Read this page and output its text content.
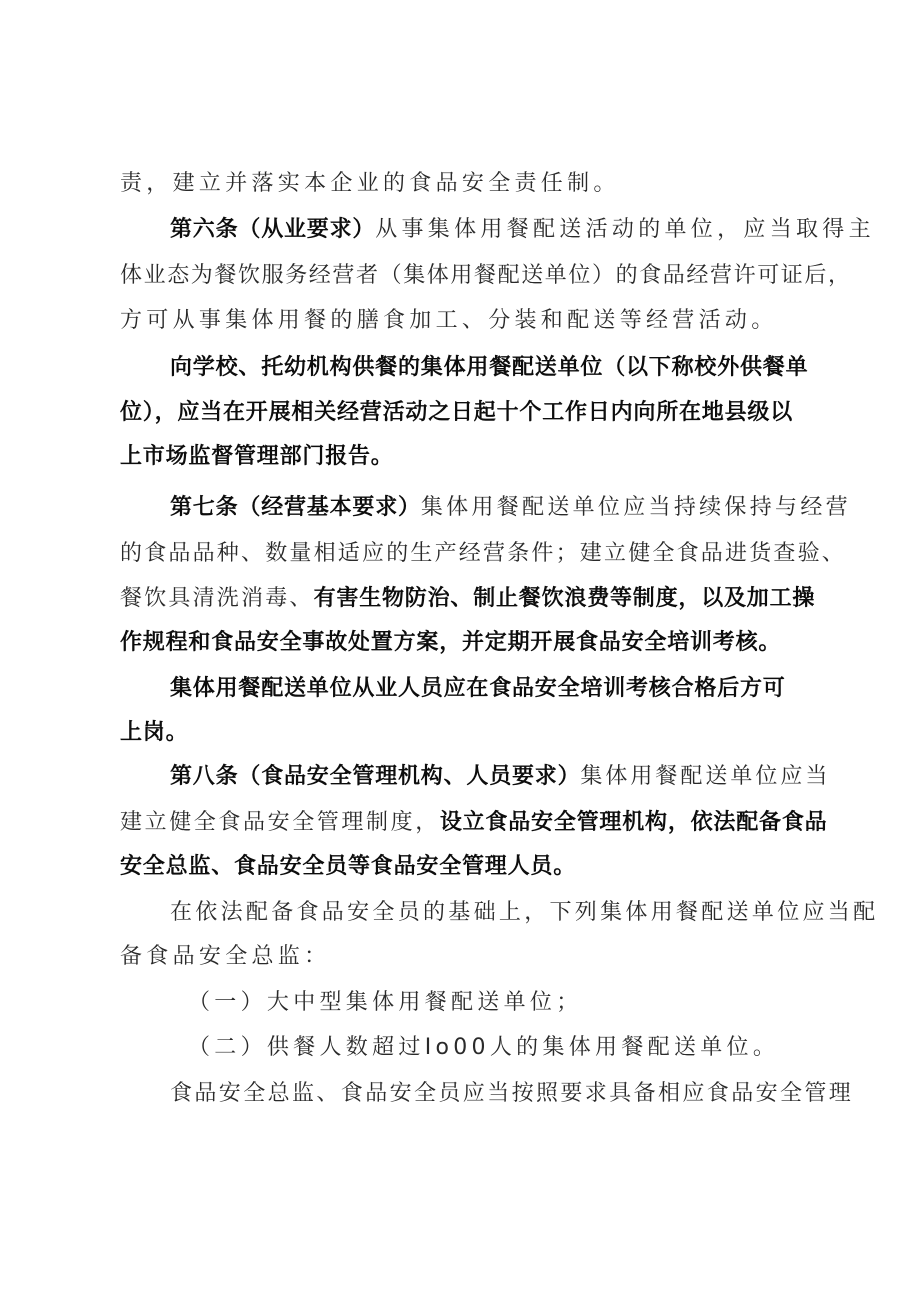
责，建立并落实本企业的食品安全责任制。

第六条（从业要求）从事集体用餐配送活动的单位，应当取得主

体业态为餐饮服务经营者（集体用餐配送单位）的食品经营许可证后，

方可从事集体用餐的膳食加工、分装和配送等经营活动。

向学校、托幼机构供餐的集体用餐配送单位（以下称校外供餐单

位），应当在开展相关经营活动之日起十个工作日内向所在地县级以

上市场监督管理部门报告。

第七条（经营基本要求）集体用餐配送单位应当持续保持与经营

的食品品种、数量相适应的生产经营条件；建立健全食品进货查验、

餐饮具清洗消毒、有害生物防治、制止餐饮浪费等制度，以及加工操

作规程和食品安全事故处置方案，并定期开展食品安全培训考核。

集体用餐配送单位从业人员应在食品安全培训考核合格后方可

上岗。

第八条（食品安全管理机构、人员要求）集体用餐配送单位应当

建立健全食品安全管理制度，设立食品安全管理机构，依法配备食品

安全总监、食品安全员等食品安全管理人员。

在依法配备食品安全员的基础上，下列集体用餐配送单位应当配

备食品安全总监：

（一）大中型集体用餐配送单位；

（二）供餐人数超过Io00人的集体用餐配送单位。

食品安全总监、食品安全员应当按照要求具备相应食品安全管理
